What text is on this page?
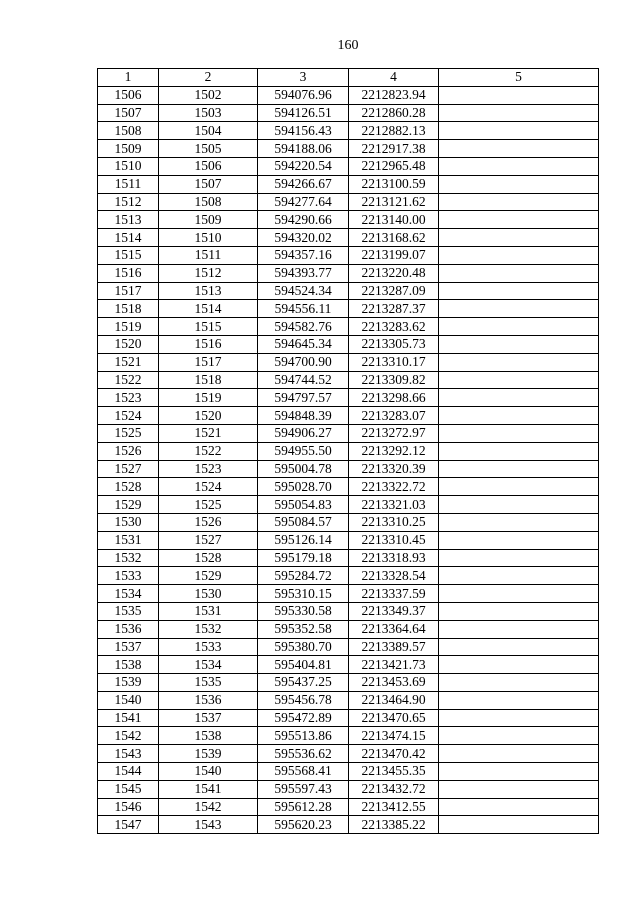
160
1	2	3	4	5
1506	1502	594076.96	2212823.94	
1507	1503	594126.51	2212860.28	
1508	1504	594156.43	2212882.13	
1509	1505	594188.06	2212917.38	
1510	1506	594220.54	2212965.48	
1511	1507	594266.67	2213100.59	
1512	1508	594277.64	2213121.62	
1513	1509	594290.66	2213140.00	
1514	1510	594320.02	2213168.62	
1515	1511	594357.16	2213199.07	
1516	1512	594393.77	2213220.48	
1517	1513	594524.34	2213287.09	
1518	1514	594556.11	2213287.37	
1519	1515	594582.76	2213283.62	
1520	1516	594645.34	2213305.73	
1521	1517	594700.90	2213310.17	
1522	1518	594744.52	2213309.82	
1523	1519	594797.57	2213298.66	
1524	1520	594848.39	2213283.07	
1525	1521	594906.27	2213272.97	
1526	1522	594955.50	2213292.12	
1527	1523	595004.78	2213320.39	
1528	1524	595028.70	2213322.72	
1529	1525	595054.83	2213321.03	
1530	1526	595084.57	2213310.25	
1531	1527	595126.14	2213310.45	
1532	1528	595179.18	2213318.93	
1533	1529	595284.72	2213328.54	
1534	1530	595310.15	2213337.59	
1535	1531	595330.58	2213349.37	
1536	1532	595352.58	2213364.64	
1537	1533	595380.70	2213389.57	
1538	1534	595404.81	2213421.73	
1539	1535	595437.25	2213453.69	
1540	1536	595456.78	2213464.90	
1541	1537	595472.89	2213470.65	
1542	1538	595513.86	2213474.15	
1543	1539	595536.62	2213470.42	
1544	1540	595568.41	2213455.35	
1545	1541	595597.43	2213432.72	
1546	1542	595612.28	2213412.55	
1547	1543	595620.23	2213385.22	
